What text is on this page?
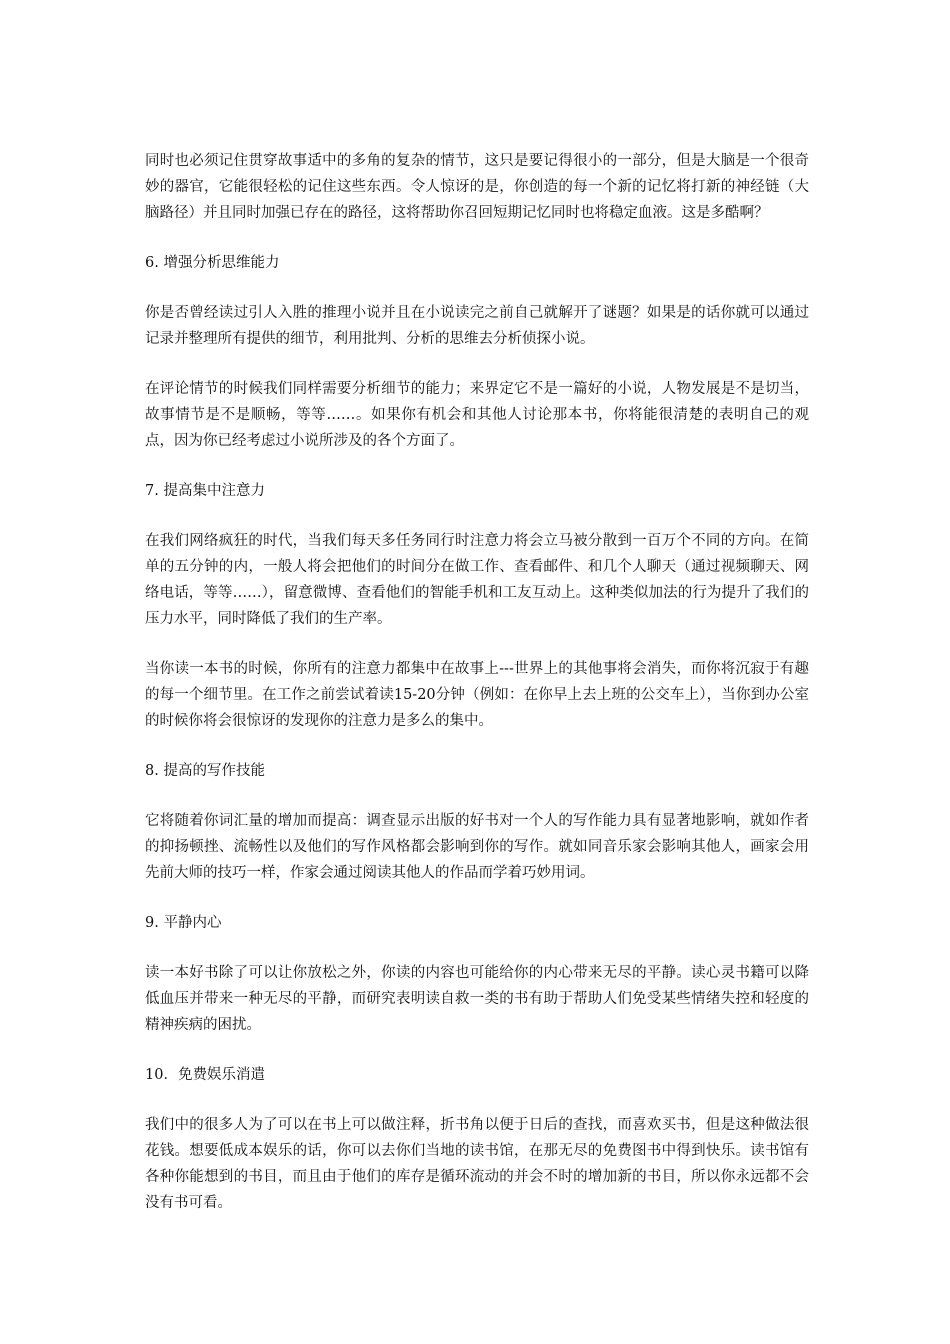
同时也必须记住贯穿故事适中的多角的复杂的情节，这只是要记得很小的一部分，但是大脑是一个很奇妙的器官，它能很轻松的记住这些东西。令人惊讶的是，你创造的每一个新的记忆将打新的神经链（大脑路径）并且同时加强已存在的路径，这将帮助你召回短期记忆同时也将稳定血液。这是多酷啊？

6. 增强分析思维能力

你是否曾经读过引人入胜的推理小说并且在小说读完之前自己就解开了谜题？如果是的话你就可以通过记录并整理所有提供的细节，利用批判、分析的思维去分析侦探小说。

在评论情节的时候我们同样需要分析细节的能力；来界定它不是一篇好的小说，人物发展是不是切当，故事情节是不是顺畅，等等……。如果你有机会和其他人讨论那本书，你将能很清楚的表明自己的观点，因为你已经考虑过小说所涉及的各个方面了。

7. 提高集中注意力

在我们网络疯狂的时代，当我们每天多任务同行时注意力将会立马被分散到一百万个不同的方向。在简单的五分钟的内，一般人将会把他们的时间分在做工作、查看邮件、和几个人聊天（通过视频聊天、网络电话，等等……），留意微博、查看他们的智能手机和工友互动上。这种类似加法的行为提升了我们的压力水平，同时降低了我们的生产率。

当你读一本书的时候，你所有的注意力都集中在故事上---世界上的其他事将会消失，而你将沉寂于有趣的每一个细节里。在工作之前尝试着读15-20分钟（例如：在你早上去上班的公交车上），当你到办公室的时候你将会很惊讶的发现你的注意力是多么的集中。

8. 提高的写作技能

它将随着你词汇量的增加而提高：调查显示出版的好书对一个人的写作能力具有显著地影响，就如作者的抑扬顿挫、流畅性以及他们的写作风格都会影响到你的写作。就如同音乐家会影响其他人，画家会用先前大师的技巧一样，作家会通过阅读其他人的作品而学着巧妙用词。

9. 平静内心

读一本好书除了可以让你放松之外，你读的内容也可能给你的内心带来无尽的平静。读心灵书籍可以降低血压并带来一种无尽的平静，而研究表明读自救一类的书有助于帮助人们免受某些情绪失控和轻度的精神疾病的困扰。

10．免费娱乐消遣

我们中的很多人为了可以在书上可以做注释，折书角以便于日后的查找，而喜欢买书，但是这种做法很花钱。想要低成本娱乐的话，你可以去你们当地的读书馆，在那无尽的免费图书中得到快乐。读书馆有各种你能想到的书目，而且由于他们的库存是循环流动的并会不时的增加新的书目，所以你永远都不会没有书可看。
